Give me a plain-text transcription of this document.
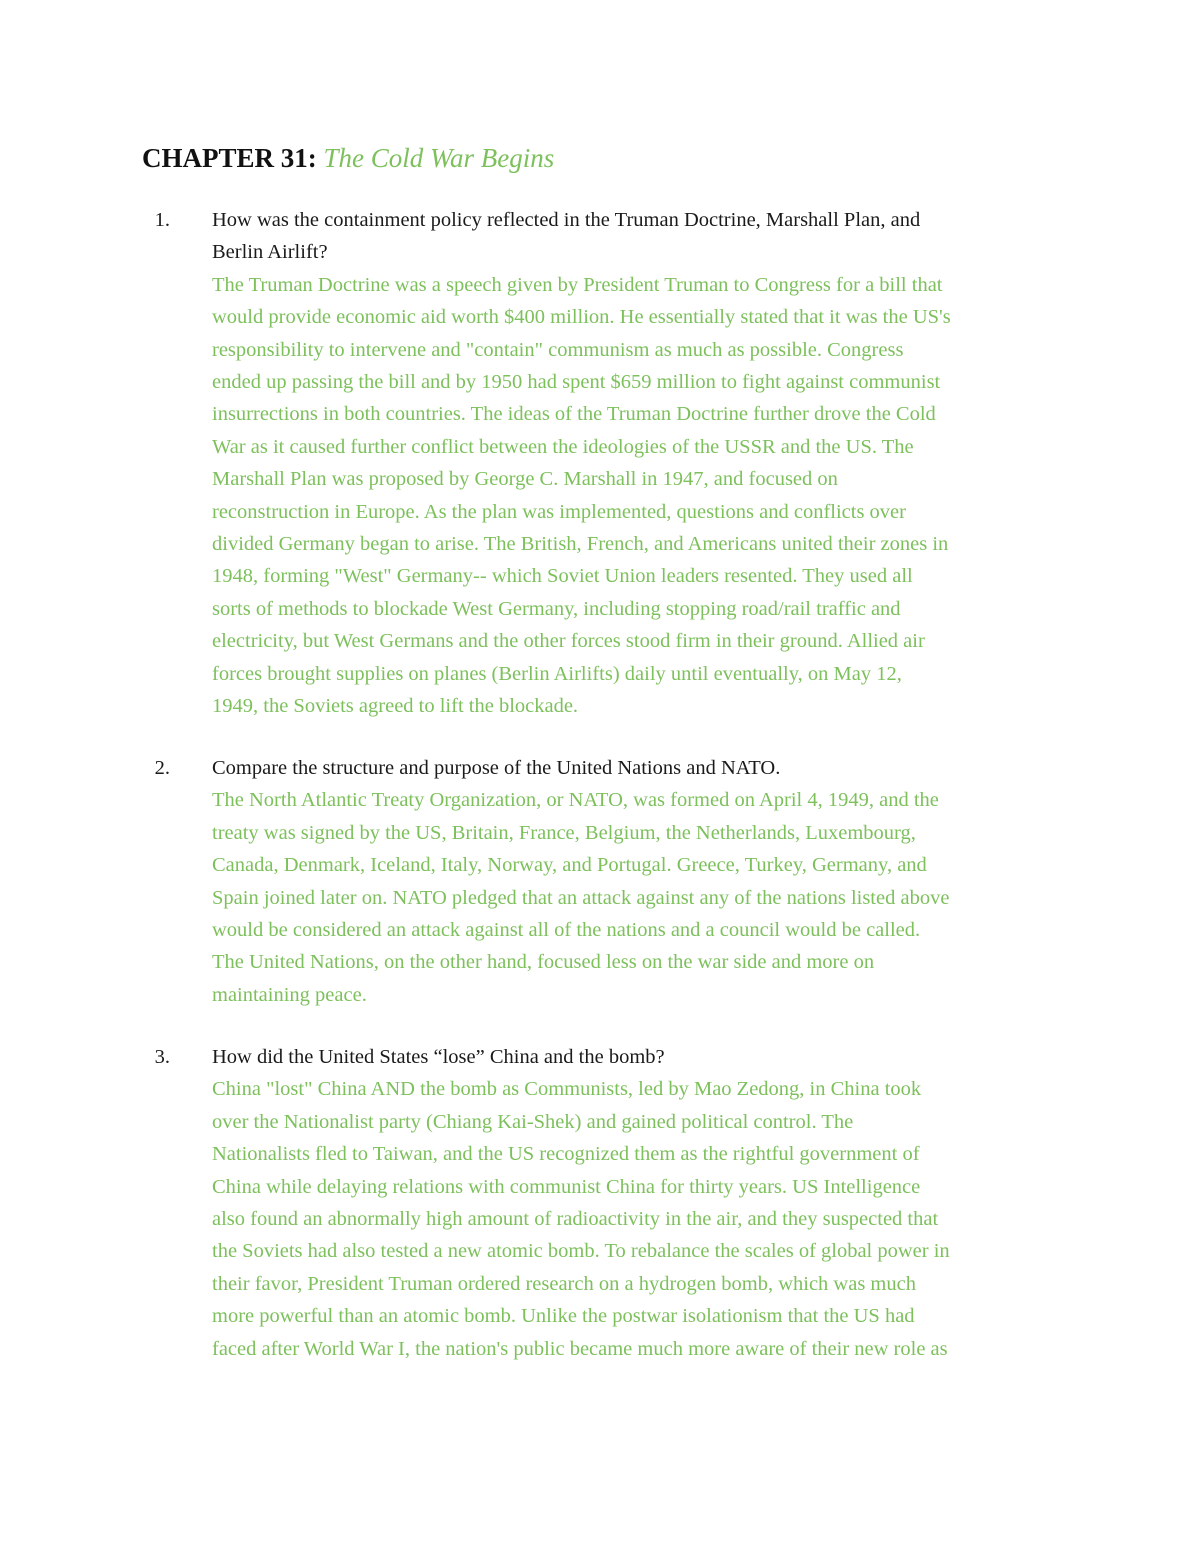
CHAPTER 31: The Cold War Begins
1. How was the containment policy reflected in the Truman Doctrine, Marshall Plan, and
Berlin Airlift?

The Truman Doctrine was a speech given by President Truman to Congress for a bill that
would provide economic aid worth $400 million. He essentially stated that it was the US's
responsibility to intervene and "contain" communism as much as possible. Congress
ended up passing the bill and by 1950 had spent $659 million to fight against communist
insurrections in both countries. The ideas of the Truman Doctrine further drove the Cold
War as it caused further conflict between the ideologies of the USSR and the US. The
Marshall Plan was proposed by George C. Marshall in 1947, and focused on
reconstruction in Europe. As the plan was implemented, questions and conflicts over
divided Germany began to arise. The British, French, and Americans united their zones in
1948, forming "West" Germany-- which Soviet Union leaders resented. They used all
sorts of methods to blockade West Germany, including stopping road/rail traffic and
electricity, but West Germans and the other forces stood firm in their ground. Allied air
forces brought supplies on planes (Berlin Airlifts) daily until eventually, on May 12,
1949, the Soviets agreed to lift the blockade.

2. Compare the structure and purpose of the United Nations and NATO.

The North Atlantic Treaty Organization, or NATO, was formed on April 4, 1949, and the
treaty was signed by the US, Britain, France, Belgium, the Netherlands, Luxembourg,
Canada, Denmark, Iceland, Italy, Norway, and Portugal. Greece, Turkey, Germany, and
Spain joined later on. NATO pledged that an attack against any of the nations listed above
would be considered an attack against all of the nations and a council would be called.
The United Nations, on the other hand, focused less on the war side and more on
maintaining peace.

3. How did the United States “lose” China and the bomb?

China "lost" China AND the bomb as Communists, led by Mao Zedong, in China took
over the Nationalist party (Chiang Kai-Shek) and gained political control. The
Nationalists fled to Taiwan, and the US recognized them as the rightful government of
China while delaying relations with communist China for thirty years. US Intelligence
also found an abnormally high amount of radioactivity in the air, and they suspected that
the Soviets had also tested a new atomic bomb. To rebalance the scales of global power in
their favor, President Truman ordered research on a hydrogen bomb, which was much
more powerful than an atomic bomb. Unlike the postwar isolationism that the US had
faced after World War I, the nation's public became much more aware of their new role as
